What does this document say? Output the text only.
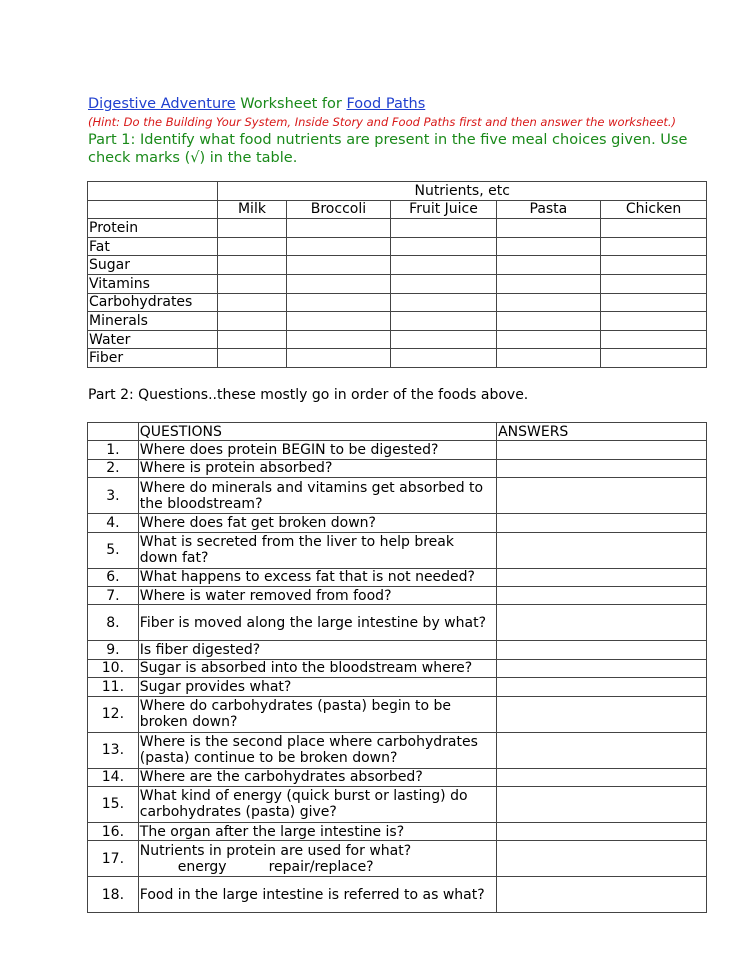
Digestive Adventure Worksheet for Food Paths
(Hint: Do the Building Your System, Inside Story and Food Paths first and then answer the worksheet.) Part 1: Identify what food nutrients are present in the five meal choices given. Use check marks (√) in the table.
	Nutrients, etc				
	Milk	Broccoli	Fruit Juice	Pasta	Chicken
Protein					
Fat					
Sugar					
Vitamins					
Carbohydrates					
Minerals					
Water					
Fiber					
Part 2: Questions..these mostly go in order of the foods above.
	QUESTIONS	ANSWERS
1.	Where does protein BEGIN to be digested?	
2.	Where is protein absorbed?	
3.	Where do minerals and vitamins get absorbed to the bloodstream?	
4.	Where does fat get broken down?	
5.	What is secreted from the liver to help break down fat?	
6.	What happens to excess fat that is not needed?	
7.	Where is water removed from food?	
8.	Fiber is moved along the large intestine by what?	
9.	Is fiber digested?	
10.	Sugar is absorbed into the bloodstream where?	
11.	Sugar provides what?	
12.	Where do carbohydrates (pasta) begin to be broken down?	
13.	Where is the second place where carbohydrates (pasta) continue to be broken down?	
14.	Where are the carbohydrates absorbed?	
15.	What kind of energy (quick burst or lasting) do carbohydrates (pasta) give?	
16.	The organ after the large intestine is?	
17.	Nutrients in protein are used for what?
energy repair/replace?	

18.	Food in the large intestine is referred to as what?	
